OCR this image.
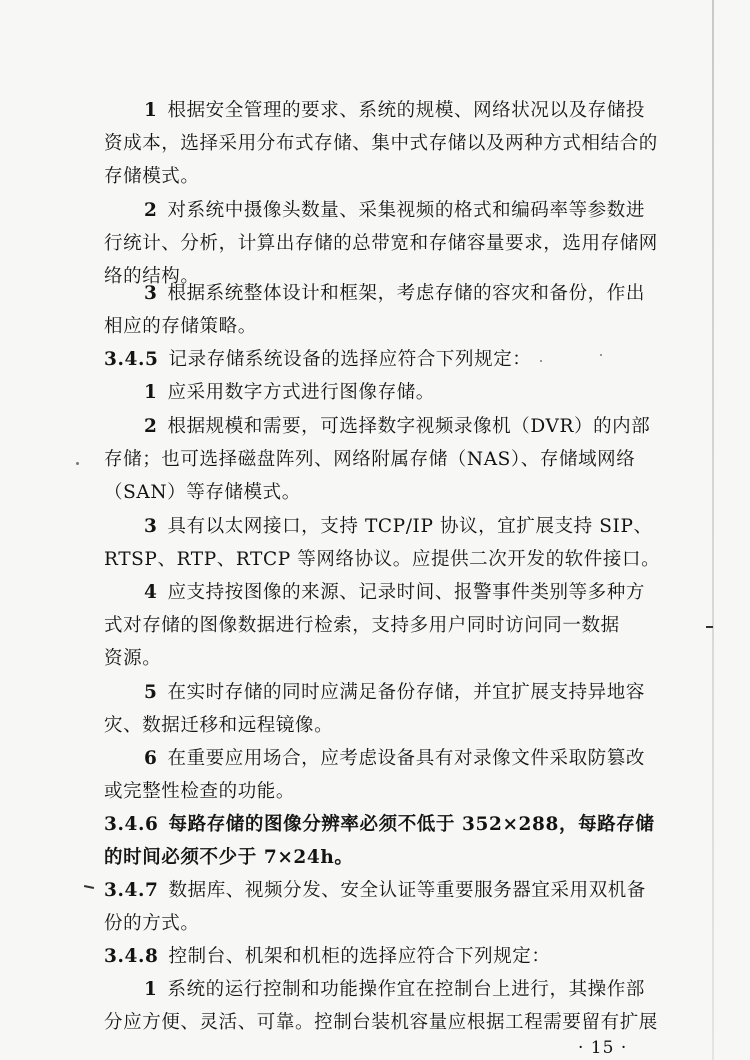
1 根据安全管理的要求、系统的规模、网络状况以及存储投
资成本，选择采用分布式存储、集中式存储以及两种方式相结合的
存储模式。
2 对系统中摄像头数量、采集视频的格式和编码率等参数进
行统计、分析，计算出存储的总带宽和存储容量要求，选用存储网
络的结构。
3 根据系统整体设计和框架，考虑存储的容灾和备份，作出
相应的存储策略。
3.4.5 记录存储系统设备的选择应符合下列规定：
1 应采用数字方式进行图像存储。
2 根据规模和需要，可选择数字视频录像机（DVR）的内部
存储；也可选择磁盘阵列、网络附属存储（NAS）、存储域网络
（SAN）等存储模式。
3 具有以太网接口，支持 TCP/IP 协议，宜扩展支持 SIP、
RTSP、RTP、RTCP 等网络协议。应提供二次开发的软件接口。
4 应支持按图像的来源、记录时间、报警事件类别等多种方
式对存储的图像数据进行检索，支持多用户同时访问同一数据
资源。
5 在实时存储的同时应满足备份存储，并宜扩展支持异地容
灾、数据迁移和远程镜像。
6 在重要应用场合，应考虑设备具有对录像文件采取防篡改
或完整性检查的功能。
3.4.6 每路存储的图像分辨率必须不低于 352×288，每路存储
的时间必须不少于 7×24h。
3.4.7 数据库、视频分发、安全认证等重要服务器宜采用双机备
份的方式。
3.4.8 控制台、机架和机柜的选择应符合下列规定：
1 系统的运行控制和功能操作宜在控制台上进行，其操作部
分应方便、灵活、可靠。控制台装机容量应根据工程需要留有扩展
· 15 ·
